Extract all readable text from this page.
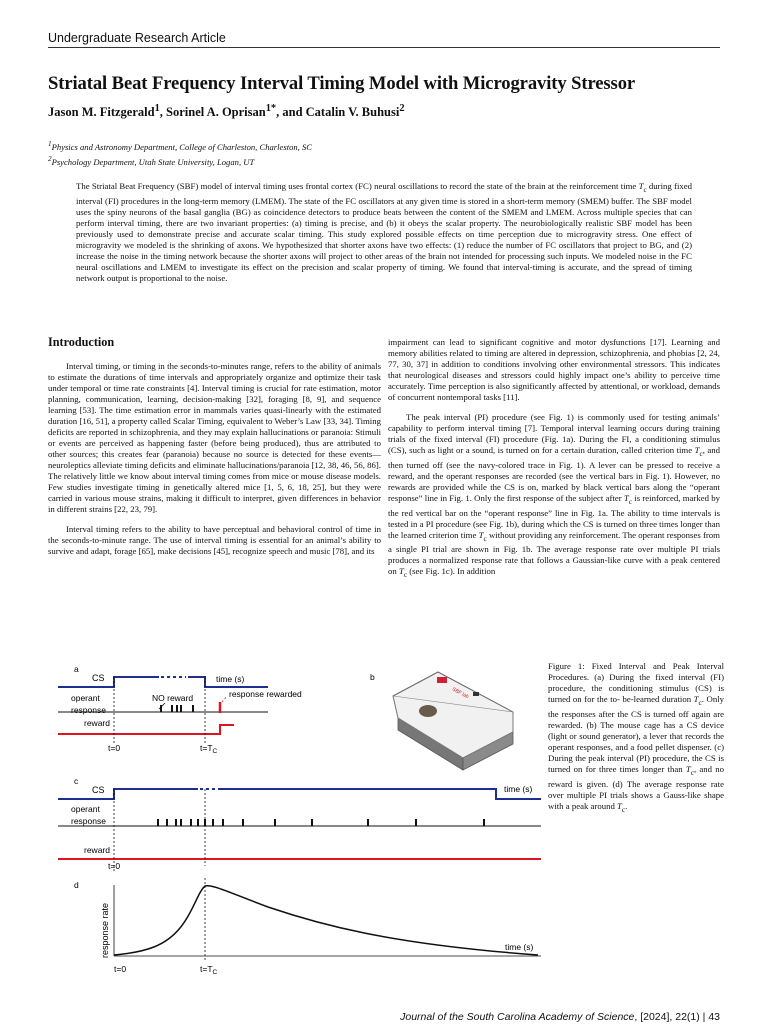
Undergraduate Research Article
Striatal Beat Frequency Interval Timing Model with Microgravity Stressor
Jason M. Fitzgerald$^1$, Sorinel A. Oprisan$^{1*}$, and Catalin V. Buhusi$^2$
$^1$Physics and Astronomy Department, College of Charleston, Charleston, SC
$^2$Psychology Department, Utah State University, Logan, UT
The Striatal Beat Frequency (SBF) model of interval timing uses frontal cortex (FC) neural oscillations to record the state of the brain at the reinforcement time $T_c$ during fixed interval (FI) procedures in the long-term memory (LMEM). The state of the FC oscillators at any given time is stored in a short-term memory (SMEM) buffer. The SBF model uses the spiny neurons of the basal ganglia (BG) as coincidence detectors to produce beats between the content of the SMEM and LMEM. Across multiple species that can perform interval timing, there are two invariant properties: (a) timing is precise, and (b) it obeys the scalar property. The neurobiologically realistic SBF model has been previously used to demonstrate precise and accurate scalar timing. This study explored possible effects on time perception due to microgravity stress. One effect of microgravity we modeled is the shrinking of axons. We hypothesized that shorter axons have two effects: (1) reduce the number of FC oscillators that project to BG, and (2) increase the noise in the timing network because the shorter axons will project to other areas of the brain not intended for processing such inputs. We modeled noise in the FC neural oscillations and LMEM to investigate its effect on the precision and scalar property of timing. We found that interval-timing is accurate, and the spread of timing network output is proportional to the noise.
Introduction

Interval timing, or timing in the seconds-to-minutes range, refers to the ability of animals to estimate the durations of time intervals and appropriately organize and optimize their task under temporal or time rate constraints [4]. Interval timing is crucial for rate estimation, motor planning, communication, learning, decision-making [32], foraging [8, 9], and sequence learning [53]. The time estimation error in mammals varies quasi-linearly with the estimated duration [16, 51], a property called Scalar Timing, equivalent to Weber’s Law [33, 34]. Timing deficits are reported in schizophrenia, and they may explain hallucinations or paranoia: Stimuli or events are perceived as happening faster (before being produced), thus are attributed to other sources; this creates fear (paranoia) because no source is detected for these events—neuroleptics alleviate timing deficits and eliminate hallucinations/paranoia [12, 38, 46, 56, 86]. The relatively little we know about interval timing comes from mice or mouse disease models. Few studies investigate timing in genetically altered mice [1, 5, 6, 18, 25], but they were carried in various mouse strains, making it difficult to interpret, given differences in behavior in different strains [22, 23, 79].

Interval timing refers to the ability to have perceptual and behavioral control of time in the seconds-to-minute range. The use of interval timing is essential for an animal’s ability to survive and adapt, forage [65], make decisions [45], recognize speech and music [78], and its

impairment can lead to significant cognitive and motor dysfunctions [17]. Learning and memory abilities related to timing are altered in depression, schizophrenia, and phobias [2, 24, 77, 30, 37] in addition to conditions involving other environmental stressors. This indicates that neurological diseases and stressors could highly impact one’s ability to perceive time accurately. Time perception is also significantly affected by attentional, or workload, demands of concurrent nontemporal tasks [11].

The peak interval (PI) procedure (see Fig. 1) is commonly used for testing animals’ capability to perform interval timing [7]. Temporal interval learning occurs during training trials of the fixed interval (FI) procedure (Fig. 1a). During the FI, a conditioning stimulus (CS), such as light or a sound, is turned on for a certain duration, called criterion time $T_c$, and then turned off (see the navy-colored trace in Fig. 1). A lever can be pressed to receive a reward, and the operant responses are recorded (see the vertical bars in Fig. 1). However, no rewards are provided while the CS is on, marked by black vertical bars along the “operant response” line in Fig. 1. Only the first response of the subject after $T_c$ is reinforced, marked by the red vertical bar on the “operant response” line in Fig. 1a. The ability to time intervals is tested in a PI procedure (see Fig. 1b), during which the CS is turned on three times longer than the learned criterion time $T_c$ without providing any reinforcement. The operant responses from a single PI trial are shown in Fig. 1b. The average response rate over multiple PI trials produces a normalized response rate that follows a Gaussian-like curve with a peak centered on $T_c$ (see Fig. 1c). In addition

a
CS	time (s)
operant
response
NO reward	response rewarded
reward
t=0	$t=T_C$
b
SBF lab
c
CS	time (s)
operant
response
reward
t=0
d
response rate	time (s)
t=0	$t=T_C$
Figure 1: Fixed Interval and Peak Interval Procedures. (a) During the fixed interval (FI) procedure, the conditioning stimulus (CS) is turned on for the to- be-learned duration $T_c$. Only the responses after the CS is turned off again are rewarded. (b) The mouse cage has a CS device (light or sound generator), a lever that records the operant responses, and a food pellet dispenser. (c) During the peak interval (PI) procedure, the CS is turned on for three times longer than $T_c$, and no reward is given. (d) The average response rate over multiple PI trials shows a Gauss-like shape with a peak around $T_c$.
Journal of the South Carolina Academy of Science, [2024], 22(1) | 43
